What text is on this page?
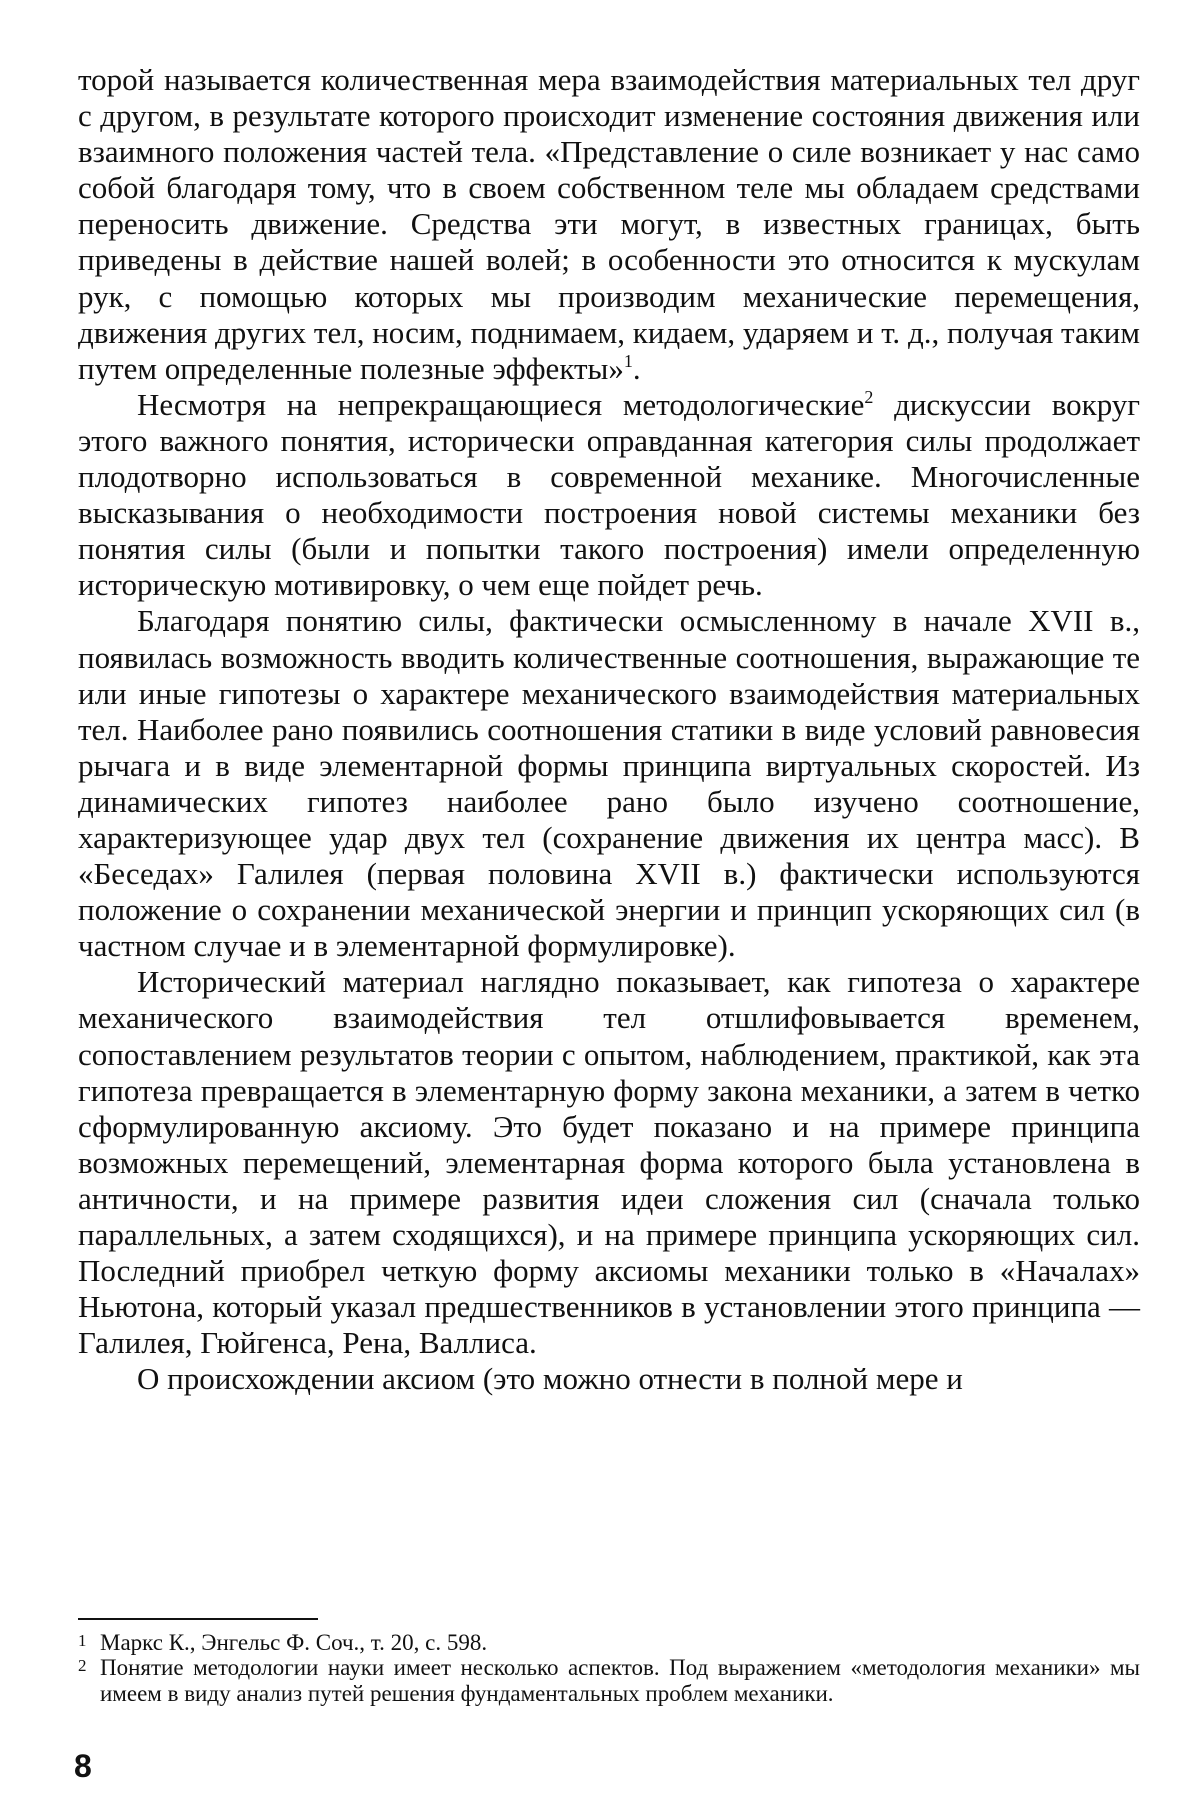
торой называется количественная мера взаимодействия материальных тел друг с другом, в результате которого происходит изменение состояния движения или взаимного положения частей тела. «Представление о силе возникает у нас само собой благодаря тому, что в своем собственном теле мы обладаем средствами переносить движение. Средства эти могут, в известных границах, быть приведены в действие нашей волей; в особенности это относится к мускулам рук, с помощью которых мы производим механические перемещения, движения других тел, носим, поднимаем, кидаем, ударяем и т. д., получая таким путем определенные полезные эффекты»$^1$.

Несмотря на непрекращающиеся методологические$^2$ дискуссии вокруг этого важного понятия, исторически оправданная категория силы продолжает плодотворно использоваться в современной механике. Многочисленные высказывания о необходимости построения новой системы механики без понятия силы (были и попытки такого построения) имели определенную историческую мотивировку, о чем еще пойдет речь.

Благодаря понятию силы, фактически осмысленному в начале XVII в., появилась возможность вводить количественные соотношения, выражающие те или иные гипотезы о характере механического взаимодействия материальных тел. Наиболее рано появились соотношения статики в виде условий равновесия рычага и в виде элементарной формы принципа виртуальных скоростей. Из динамических гипотез наиболее рано было изучено соотношение, характеризующее удар двух тел (сохранение движения их центра масс). В «Беседах» Галилея (первая половина XVII в.) фактически используются положение о сохранении механической энергии и принцип ускоряющих сил (в частном случае и в элементарной формулировке).

Исторический материал наглядно показывает, как гипотеза о характере механического взаимодействия тел отшлифовывается временем, сопоставлением результатов теории с опытом, наблюдением, практикой, как эта гипотеза превращается в элементарную форму закона механики, а затем в четко сформулированную аксиому. Это будет показано и на примере принципа возможных перемещений, элементарная форма которого была установлена в античности, и на примере развития идеи сложения сил (сначала только параллельных, а затем сходящихся), и на примере принципа ускоряющих сил. Последний приобрел четкую форму аксиомы механики только в «Началах» Ньютона, который указал предшественников в установлении этого принципа — Галилея, Гюйгенса, Рена, Валлиса.

О происхождении аксиом (это можно отнести в полной мере и

1 Маркс К., Энгельс Ф. Соч., т. 20, с. 598.
2 Понятие методологии науки имеет несколько аспектов. Под выражением «методология механики» мы имеем в виду анализ путей решения фундаментальных проблем механики.
8
